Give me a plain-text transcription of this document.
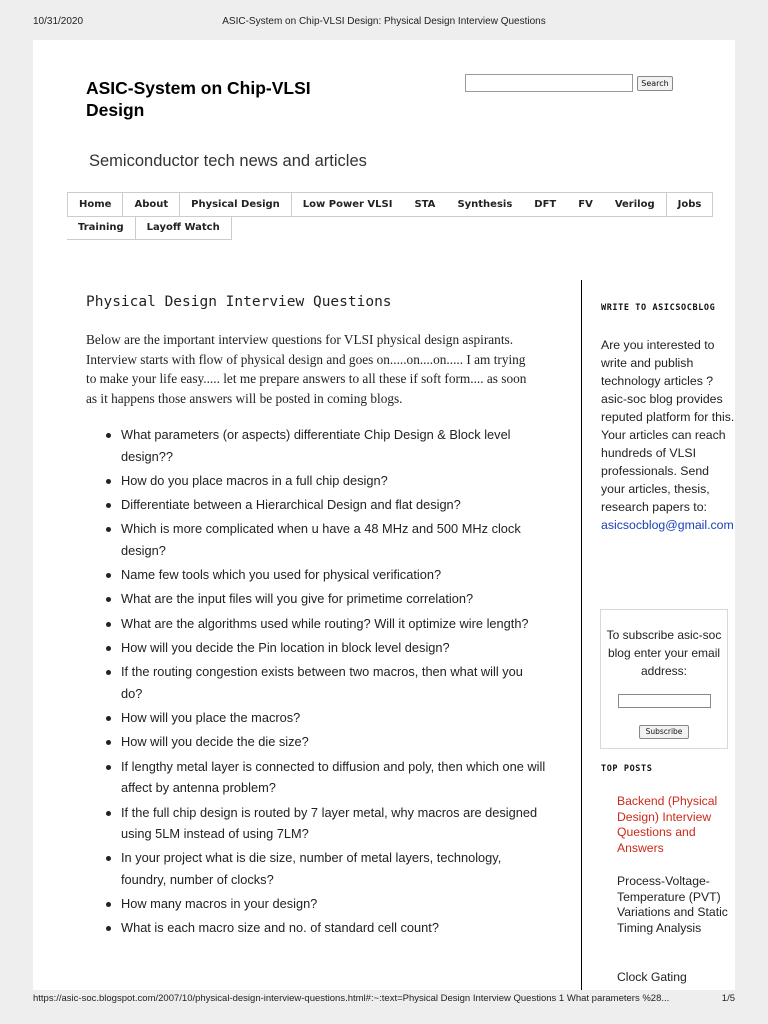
10/31/2020	ASIC-System on Chip-VLSI Design: Physical Design Interview Questions
ASIC-System on Chip-VLSI Design
Search
Semiconductor tech news and articles
Home	About	Physical Design	Low Power VLSI	STA	Synthesis	DFT	FV	Verilog	Jobs
Training	Layoff Watch
Physical Design Interview Questions
Below are the important interview questions for VLSI physical design aspirants. Interview starts with flow of physical design and goes on.....on....on..... I am trying to make your life easy..... let me prepare answers to all these if soft form.... as soon as it happens those answers will be posted in coming blogs.
What parameters (or aspects) differentiate Chip Design & Block level design??
How do you place macros in a full chip design?
Differentiate between a Hierarchical Design and flat design?
Which is more complicated when u have a 48 MHz and 500 MHz clock design?
Name few tools which you used for physical verification?
What are the input files will you give for primetime correlation?
What are the algorithms used while routing? Will it optimize wire length?
How will you decide the Pin location in block level design?
If the routing congestion exists between two macros, then what will you do?
How will you place the macros?
How will you decide the die size?
If lengthy metal layer is connected to diffusion and poly, then which one will affect by antenna problem?
If the full chip design is routed by 7 layer metal, why macros are designed using 5LM instead of using 7LM?
In your project what is die size, number of metal layers, technology, foundry, number of clocks?
How many macros in your design?
What is each macro size and no. of standard cell count?
WRITE TO ASICSOCBLOG
Are you interested to write and publish technology articles ? asic-soc blog provides reputed platform for this. Your articles can reach hundreds of VLSI professionals. Send your articles, thesis, research papers to: asicsocblog@gmail.com
To subscribe asic-soc blog enter your email address:
Subscribe
TOP POSTS
Backend (Physical Design) Interview Questions and Answers
Process-Voltage-Temperature (PVT) Variations and Static Timing Analysis
Clock Gating
https://asic-soc.blogspot.com/2007/10/physical-design-interview-questions.html#:~:text=Physical Design Interview Questions 1 What parameters %28...	1/5
